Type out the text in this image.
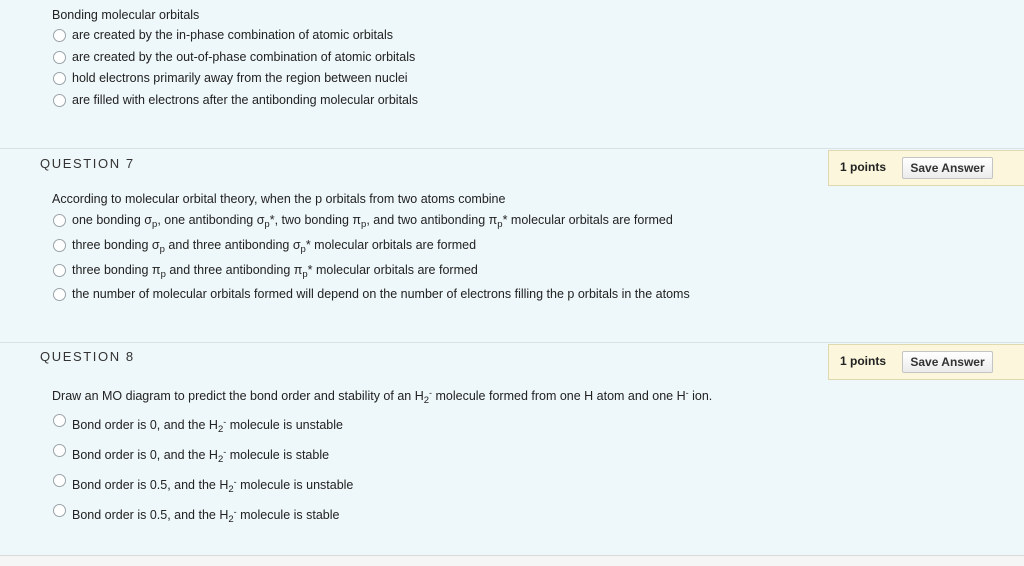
Bonding molecular orbitals
are created by the in-phase combination of atomic orbitals
are created by the out-of-phase combination of atomic orbitals
hold electrons primarily away from the region between nuclei
are filled with electrons after the antibonding molecular orbitals
QUESTION 7	1 points	Save Answer
According to molecular orbital theory, when the p orbitals from two atoms combine
one bonding $\sigma_p$, one antibonding $\sigma_p*$, two bonding $\pi_p$, and two antibonding $\pi_p*$ molecular orbitals are formed
three bonding $\sigma_p$ and three antibonding $\sigma_p*$ molecular orbitals are formed
three bonding $\pi_p$ and three antibonding $\pi_p*$ molecular orbitals are formed
the number of molecular orbitals formed will depend on the number of electrons filling the p orbitals in the atoms
QUESTION 8	1 points	Save Answer
Draw an MO diagram to predict the bond order and stability of an $H_2^-$ molecule formed from one H atom and one H- ion.
Bond order is 0, and the $H_2^-$ molecule is unstable
Bond order is 0, and the $H_2^-$ molecule is stable
Bond order is 0.5, and the $H_2^-$ molecule is unstable
Bond order is 0.5, and the $H_2^-$ molecule is stable
